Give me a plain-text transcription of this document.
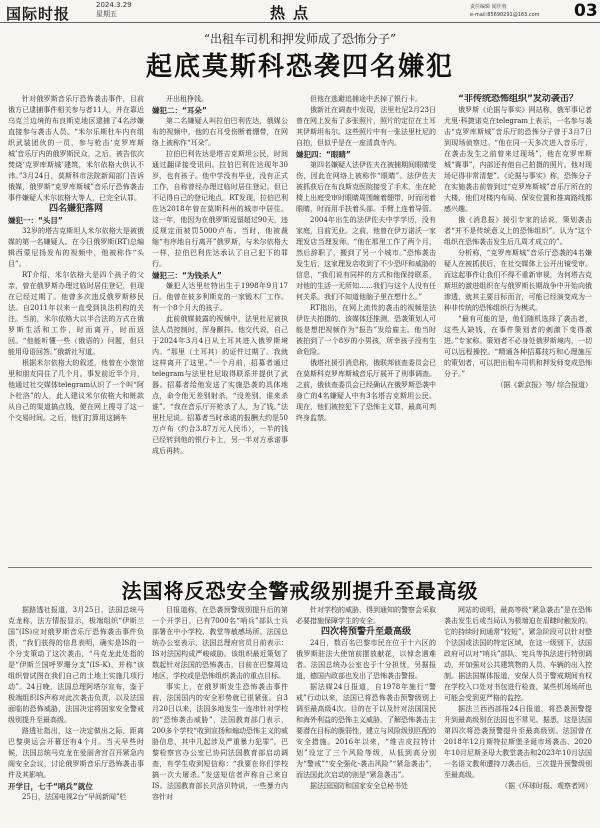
国际时报	2024.3.29
星期五	热点	责任编辑 闻佳蓉
e-mail:85690291@163.com 03
“出租车司机和押发师成了恐怖分子”
起底莫斯科恐袭四名嫌犯

针对俄罗斯音乐厅恐怖袭击事件，目前俄方已逮捕事件相关参与者11人，并在靠近乌克兰边境的布良斯克地区逮捕了4名涉嫌直接参与袭击人员。“米尔乐斯杜车内有组织武装团伙的一员，参与枪击‘克罗库斯城’音乐厅内的俄罗斯民众，之后，被告依次焚烧‘克罗库斯城’建筑，米尔依格大供认不讳。”3月24日，莫斯科市法院新闻部门告诉俄媒，俄罗斯“克罗库斯城”音乐厅恐怖袭击事件嫌疑人米尔依格大等人，已完全认罪。

四名嫌犯落网

嫌犯一：“头目”

32岁的塔吉克斯坦人米尔依格大是被俄媒的第一名嫌疑人。在今日俄罗斯(RT)总编辑西蒙尼扬发布的视频中，他被称作“头目”。

RT介绍，米尔依格大是四个孩子的父亲，曾在俄罗斯办理过临时居住登记，但现在已经过期了。他曾多次违反俄罗斯移民法。自2011年以来一直受到执法机构的关注。当前，米尔依格大以半合法的方式在俄罗斯生活和工作，时而离开，时而返回。“他能听懂一些（俄语的）问题，但只能用母语回答。”俄新社写道。

根据米尔依格大的叙述，他曾在小旅馆里和朋友同住了几个月。事发前近半个月，他通过社交媒体telegram认识了一个叫“阿卜杜洛”的人，此人建议米尔依格大和赃款从自己的渠道搞点钱，便在网上搜寻了这一个交易时间。之后，他们打算用这辆车

开出租挣钱。

嫌犯二：“耳朵”

第二名嫌疑人叫拉伯巴利佐达，俄媒公布的视频中，他的右耳受伤断着绷带，在网络上被称作“耳朵”。

拉伯巴利佐达是塔吉克斯坦公民，时间通过翻译接受讯问。拉伯巴利佐达现年30岁，也有孩子。他中学没有毕业，没有正式工作，自称曾经办理过临时居住登记。但已不记得自己的登记地点。RT发现，拉伯巴利佐达2018年曾在莫斯科州的城市中居住。这一年，他因为在俄罗斯逗留超过90天，违反规定而被罚5000卢布。当时，他被裁缩“有序地自行离开”俄罗斯，与米尔依格大一样，拉伯巴利佐达承认了自己犯下的罪行。

嫌犯三：“为钱杀人”

嫌犯人达里杜特出生于1998年9月17日。他曾在彼多利斯克的一家锻木厂工作。有一个8个月大的孩子。

此前俄媒披露的视频中，法里杜尼被执法人员控制时，浑身颤抖。他交代说，自己于2024年3月4日从土耳其进入俄罗斯境内。“那里（土耳其）的证件过期了。我就这样离开了这里。”一个月前，招募者通过telegram与法里杜尼取得联系并提供了武器。招募者给他发送了实施恐袭的具体地点，命令他无差别射杀，“没差别，谁来杀谁”。“我在音乐厅开枪杀了人，为了钱。”法里杜尼说。招募者当时承诺的报酬大约是50万卢布（约合3.87万元人民币），一半的钱已经转到他的银行卡上，另一半对方承诺事成后再转。

但他在逃避追捕途中丢掉了银行卡。

俄新社在调查中发现，法里杜尼2月23日曾在网上发布了多张照片，照片的定位在土耳其伊斯坦布尔。这些照片中有一张法里杜尼的自拍，但似乎是在一座清真寺内。

嫌犯四：“眼睛”

第四名嫌疑人法伊佐夫在被捕期间眼睛受伤，因此在网络上被称作“眼睛”。法伊佐夫被抓获后在布良斯克医院接受了手术，坐在轮椅上出庭受审时眼睛周围缠着绷带，时而闭着眼睛，时而用手扶着头部。手臂上连着导管。

2004年出生的法伊佐夫中学学历，没有家庭，目前无业。之前，他曾在伊万诺沃一家理发店当理发师。“他在那里工作了两个月，然后辞职了，搬到了另一个城市。”恐怖袭击发生后，这家理发店收到了不少恐吓和威胁的信息，“我们说有同样的方式和他保持联系，对他的生活一无所知……我们与这个人没有任何关系。我们不知道他脑子里在想什么。”

RT指出，在网上流传的袭击的视频是法伊佐夫拍摄的，该媒体还推测，恐袭策划人可能是想把视频作为“报告”发给雇主。他当时被拍到了一个8岁的小男孩，所幸孩子没有生命危险。

俄塔社援引消息称，俄联邦侦查委员会已在莫斯科克罗库斯城音乐厅展开了刑事调查。之前，俄侦查委员会已经确认在俄罗斯恐袭中身亡的4名嫌疑人中有3名塔吉克斯坦公民。现在，他们被控犯下了恐怖主义罪，最高可判终身监禁。

“非传统恐怖组织”发动袭击？

俄罗斯《论据与事实》网站称，俄军事记者尤里·科捷诺克在telegram上表示，一名参与袭击“克罗库斯城”音乐厅的恐怖分子曾于3月7日到现场侦察过。“他在同一天多次进入音乐厅，在袭击发生之前曾来过现场”，他在克罗库斯城“赛事”，内部还有他自己拍摄的照片。他对现场记得非常清楚”。《论据与事实》称，恐怖分子在实施袭击前曾到过“克罗库斯城”音乐厅所在的大楼，他们对楼内布局、保安位置和推离路线都感兴趣。

俄《消息报》援引专家的话说，策划袭击者“并不是传统意义上的恐怖组织”。认为“这个组织在恐怖袭击发生后几周才成立的”。

分析称，“克罗库斯城”音乐厅恐袭的4名嫌疑人在被抓获后，在社交媒体上公开出镜受审。而这起事件让我们不得不重新审视，为何塔吉克斯坦的激进组织在与俄罗斯长期战争中开始向俄渗透，就其主要目标而言，可能已经演变成为一种非传统的恐怖组织行为模式。

“最有可能的是，他们随机选择了袭击者，这些人缺钱，在事件策划者的刺激下变得激进。”专家称。策划者不必身处俄罗斯境内，一切可以远程操控。“精通各种招募技巧和心理施压的策划者，可以把出租车司机和押发师变成恐怖分子。”

（据《新京报》等/ 综合报道）

法国将反恐安全警戒级别提升至最高级

据路透社报道，3月25日，法国总统马克龙称，法方情报显示，极端组织“伊斯兰国”(IS)应对俄罗斯音乐厅恐怖袭击事件负责，“我们获得的信息表明，确实是IS的一个分支策动了这次袭击，“马克龙此处指的是“伊斯兰国呼罗珊分支”(IS-K)，并称“该组织曾试图在我们自己的土地上实施几项行动”。24日晚，法国总理阿塔尔宣布，鉴于极端组织IS声称对此次袭击负责，以及法国面临的恐怖威胁，法国决定将国家安全警戒级别提升至最高级。

路透社指出，这一决定做出之际，距离巴黎奥运会开幕还有4个月。当天早些时候，法国总统马克龙在爱丽舍宫召开紧急内阁安全会议，讨论俄罗斯音乐厅恐怖袭击事件及其影响。

开学日，七千“哨兵”就位

25日，法国电视2台“早间新闻”栏

目报道称，在恐袭预警级别提升后的第一个开学日，已有7000名“哨兵”部队士兵部署在中小学校、教堂等敏感场所。法国总统办公室表示，法国总理府官员日前表示：IS对法国构成严峻威胁。该组织最近策划了数起针对法国的恐怖袭击，目前在巴黎周边地区，学校或是恐怖组织袭击的重点目标。

事实上，在俄罗斯发生恐怖袭击事件前，法国国内的安全形势就已很紧张。自3月20日以来，法国多地发生一连串针对学校的“恐怖袭击威胁”，法国教育部门表示，200多个学校“收到宣扬和煽动恐怖主义的威胁信息，其中几起涉及严重暴力犯罪”。巴黎检察官办公室已协同法国教育部启动调查，有学生收到短信称：“我要在你们学校搞一次大屠杀。”发送短信者声称自己来自IS。法国教育部长贝洛贝特说，一些暴力内容针对

针对学校的威胁，得到通知的警察会采取必要措施保障学生的安全。

四次将预警升至最高级

24日，数百名巴黎市民在位于十六区的俄罗斯驻法大使馆前摆放献花，以悼念遇难者。法国总统办公室也于十分担忧，另据报道，德国内政部也发出了恐怖袭击警报。

据法媒24日报道，自1978年施行“警戒”行动以来，法国已将恐怖袭击预警级别上调至最高级4次。目的在于以及针对法国国民和海外利益的恐怖主义威胁，了解恐怖袭击主要潜在目标的脆弱性，建立与风险级别匹配的安全措施。2016年以来，“维吉皮拉特计划”设定了三个风险等级，从低到高分别为“警戒”“安全强化-袭击风险”“紧急袭击”，而法国此次启动的则是“紧急袭击”。

据法国国防和国家安全总秘书处

网站的说明，最高等级“紧急袭击”是在恐怖袭击发生后或当局认为极端迫在眉睫时触发的。它的持续时间通常“较短”。紧急阶段可以针对整个法国或法国的特定区域，在这一级别下，法国政府可以对“哨兵”部队、宪兵等执法进行特别调动，并加强对公共建筑物的人员、车辆的出入控制。据法国媒体报道，安保人员于警戒期间有权在学校入口处对书包进行检查，某些机场场所也可能会受到更严格的监控。

据法兰西西部报24日报道，将恐袭预警提升到最高级别在法国也不常见。据悉，这是法国第四次将恐袭预警提升至最高级别。法国曾在2018年12月斯特拉斯堡圣诞市场袭击、2020年10月尼斯圣母大教堂袭击和2023年10月法国一名语文教师遭持刀袭击后，三次提升预警级别至最高级。

（据《环球时报、观察者网）
